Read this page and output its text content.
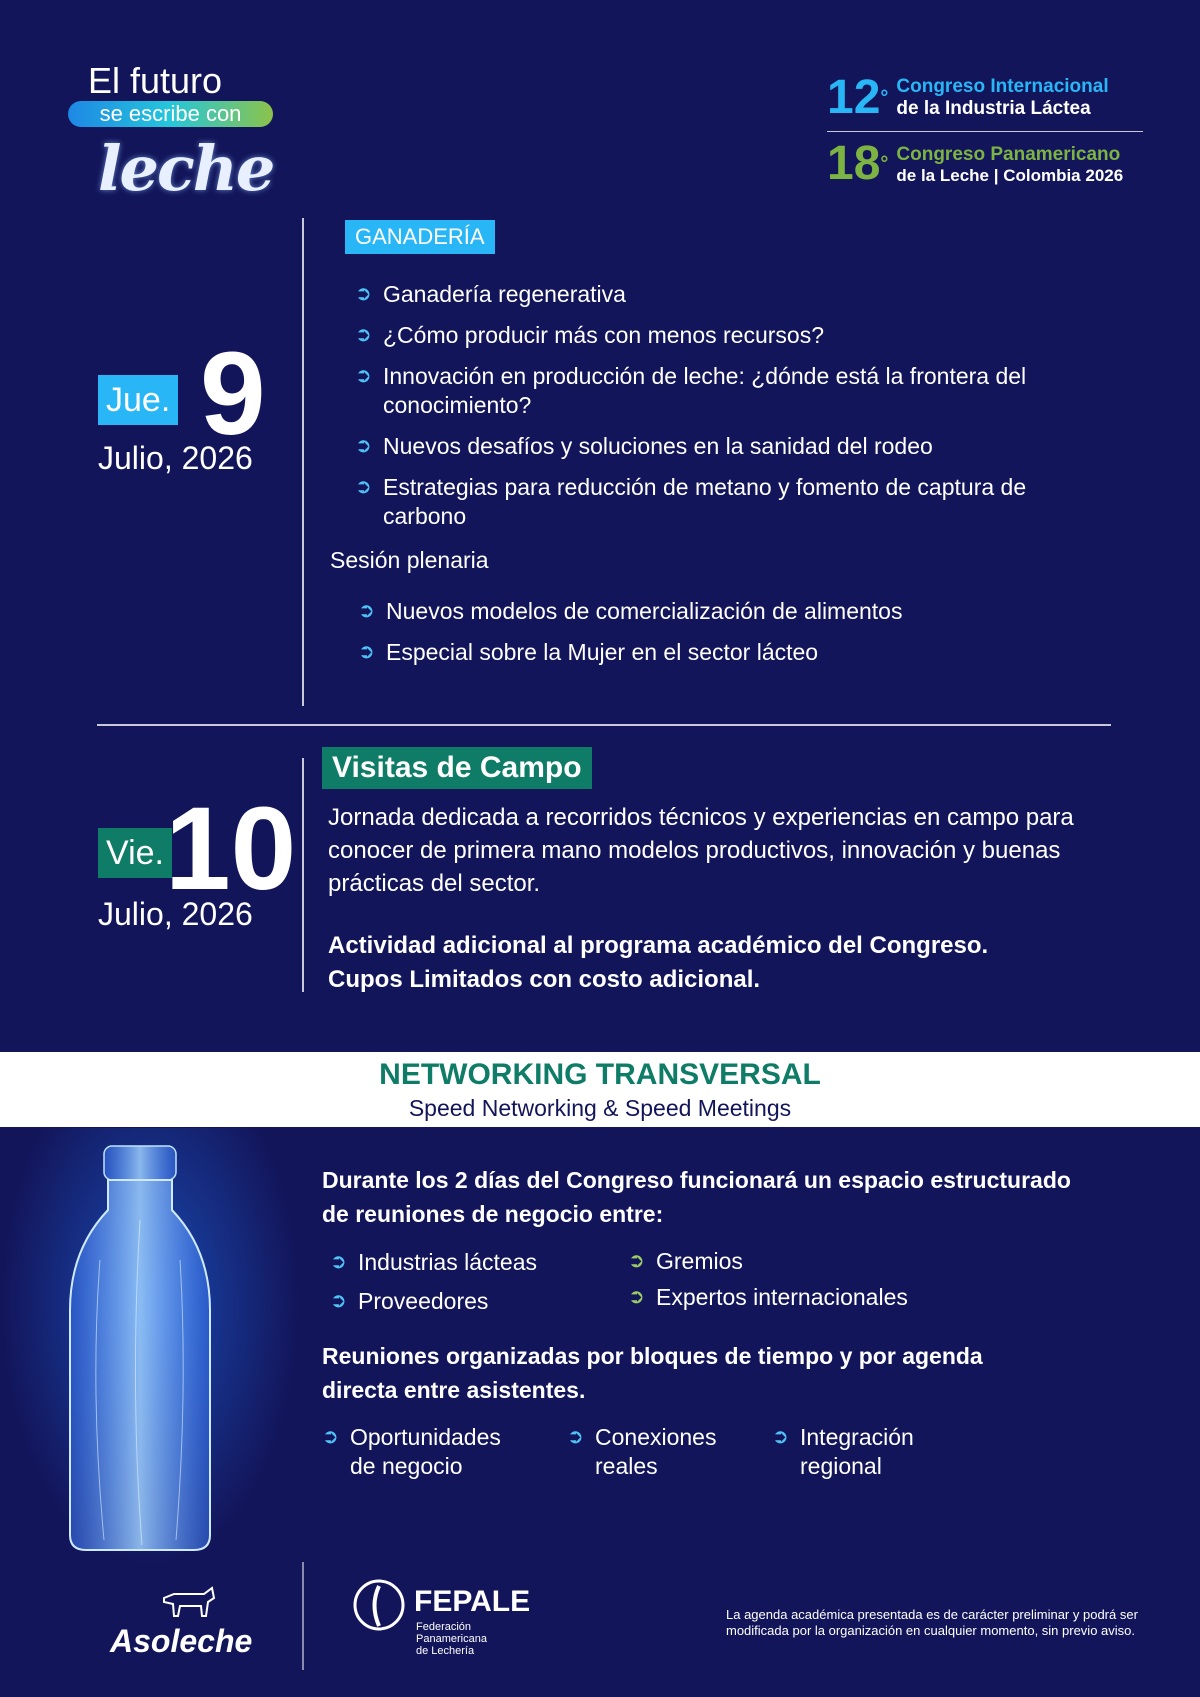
El futuro
se escribe con
leche
12°
Congreso Internacional
de la Industria Láctea
18° Congreso Panamericano
de la Leche | Colombia 2026
Jue. 9
Julio, 2026
GANADERÍA
➲ Ganadería regenerativa
➲ ¿Cómo producir más con menos recursos?
➲ Innovación en producción de leche: ¿dónde está la frontera del conocimiento?
➲ Nuevos desafíos y soluciones en la sanidad del rodeo
➲ Estrategias para reducción de metano y fomento de captura de carbono
Sesión plenaria
➲ Nuevos modelos de comercialización de alimentos
➲ Especial sobre la Mujer en el sector lácteo
Vie. 10
Julio, 2026
Visitas de Campo
Jornada dedicada a recorridos técnicos y experiencias en campo para conocer de primera mano modelos productivos, innovación y buenas prácticas del sector.
Actividad adicional al programa académico del Congreso. Cupos Limitados con costo adicional.
NETWORKING TRANSVERSAL
Speed Networking & Speed Meetings
Durante los 2 días del Congreso funcionará un espacio estructurado de reuniones de negocio entre:
➲ Industrias lácteas
➲ Proveedores
➲ Gremios
➲ Expertos internacionales
Reuniones organizadas por bloques de tiempo y por agenda directa entre asistentes.
➲ Oportunidades
de negocio
➲ Conexiones
reales
➲ Integración
regional
Asoleche
FEPALE
Federación
Panamericana
de Lechería
La agenda académica presentada es de carácter preliminar y podrá ser modificada por la organización en cualquier momento, sin previo aviso.
